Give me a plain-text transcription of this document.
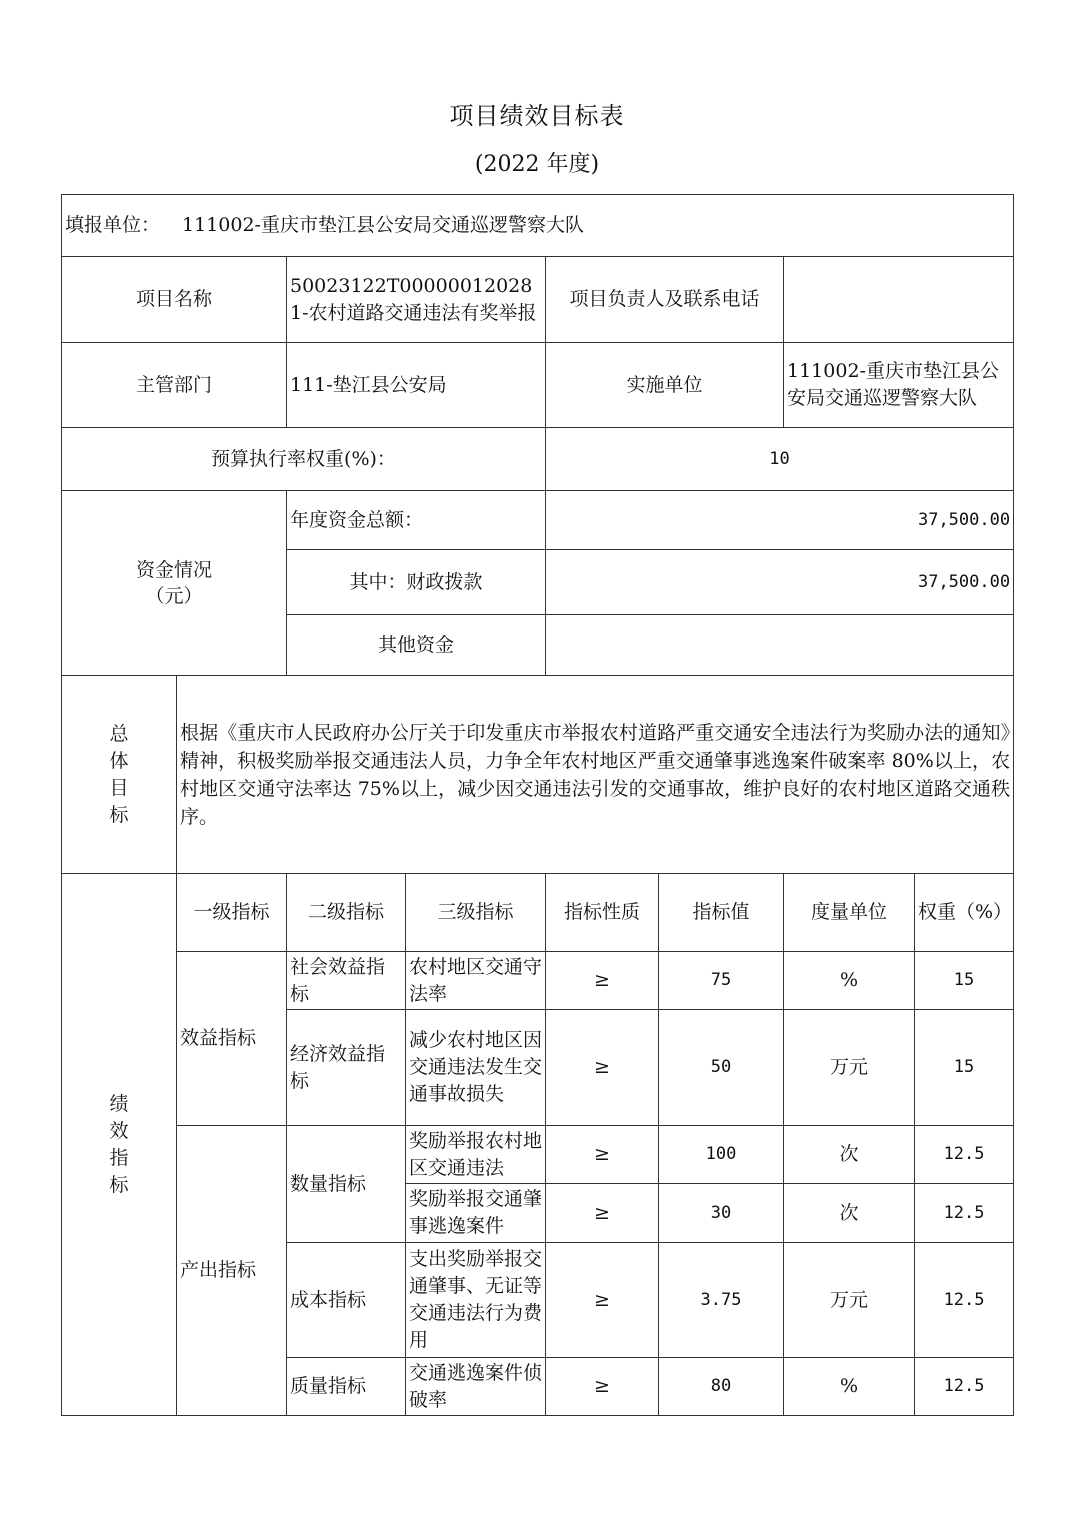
项目绩效目标表
(2022 年度)
填报单位： 111002-重庆市垫江县公安局交通巡逻警察大队							
项目名称		50023122T000000120281-农村道路交通违法有奖举报		项目负责人及联系电话			
主管部门		111-垫江县公安局		实施单位		111002-重庆市垫江县公安局交通巡逻警察大队	
预算执行率权重(%)：				10			

资金情况
（元）		年度资金总额：		37,500.00			
		其中：财政拨款		37,500.00			
		其他资金					

总
体
目
标	根据《重庆市人民政府办公厅关于印发重庆市举报农村道路严重交通安全违法行为奖励办法的通知》精神，积极奖励举报交通违法人员，力争全年农村地区严重交通肇事逃逸案件破案率 80%以上，农村地区交通守法率达 75%以上，减少因交通违法引发的交通事故，维护良好的农村地区道路交通秩序。						

绩
效
指
标	一级指标	二级指标	三级指标	指标性质	指标值	度量单位	权重（%）
	效益指标	社会效益指标	农村地区交通守法率	≥	75	%	15
		经济效益指标	减少农村地区因交通违法发生交通事故损失	≥	50	万元	15
	产出指标	数量指标	奖励举报农村地区交通违法	≥	100	次	12.5
			奖励举报交通肇事逃逸案件	≥	30	次	12.5
		成本指标	支出奖励举报交通肇事、无证等交通违法行为费用	≥	3.75	万元	12.5
		质量指标	交通逃逸案件侦破率	≥	80	%	12.5
